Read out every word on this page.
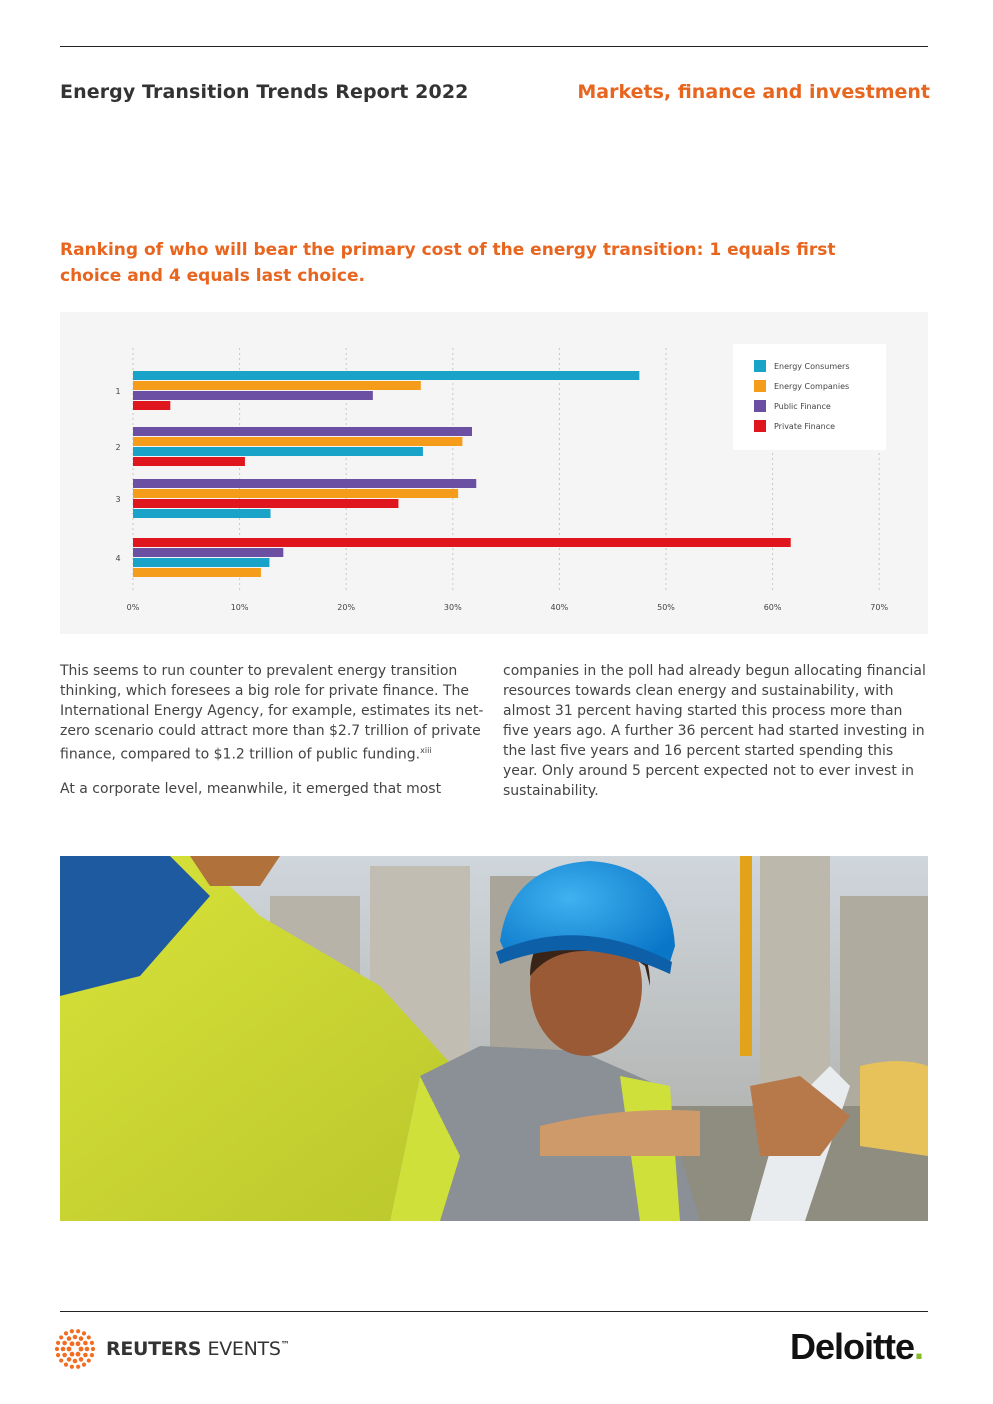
Energy Transition Trends Report 2022	Markets, finance and investment
Ranking of who will bear the primary cost of the energy transition: 1 equals first choice and 4 equals last choice.
0%	10%	20%	30%	40%	50%	60%	70%
1
2
3
4
Energy Consumers
Energy Companies
Public Finance
Private Finance

This seems to run counter to prevalent energy transition thinking, which foresees a big role for private finance. The International Energy Agency, for example, estimates its net-zero scenario could attract more than $2.7 trillion of private finance, compared to $1.2 trillion of public funding.$^{xiii}$

At a corporate level, meanwhile, it emerged that most

companies in the poll had already begun allocating financial resources towards clean energy and sustainability, with almost 31 percent having started this process more than five years ago. A further 36 percent had started investing in the last five years and 16 percent started spending this year. Only around 5 percent expected not to ever invest in sustainability.

REUTERS EVENTS™	Deloitte.
